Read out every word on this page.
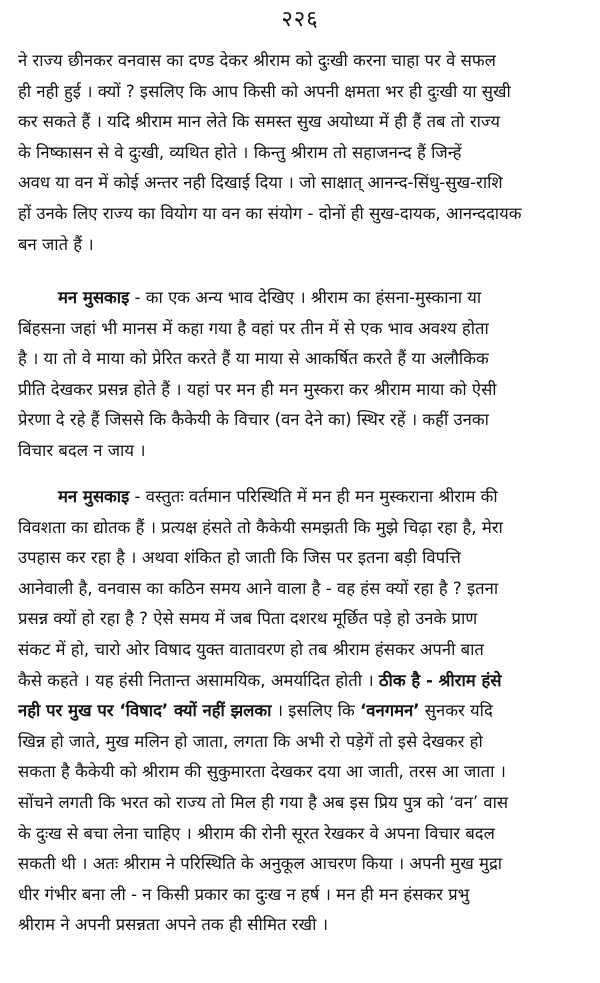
२२६
ने राज्य छीनकर वनवास का दण्ड देकर श्रीराम को दुःखी करना चाहा पर वे सफल
ही नही हुई । क्यों ? इसलिए कि आप किसी को अपनी क्षमता भर ही दुःखी या सुखी
कर सकते हैं । यदि श्रीराम मान लेते कि समस्त सुख अयोध्या में ही हैं तब तो राज्य
के निष्कासन से वे दुःखी, व्यथित होते । किन्तु श्रीराम तो सहाजनन्द हैं जिन्हें
अवध या वन में कोई अन्तर नही दिखाई दिया । जो साक्षात् आनन्द-सिंधु-सुख-राशि
हों उनके लिए राज्य का वियोग या वन का संयोग - दोनों ही सुख-दायक, आनन्ददायक
बन जाते हैं ।
मन मुसकाइ - का एक अन्य भाव देखिए । श्रीराम का हंसना-मुस्काना या
बिंहसना जहां भी मानस में कहा गया है वहां पर तीन में से एक भाव अवश्य होता
है । या तो वे माया को प्रेरित करते हैं या माया से आकर्षित करते हैं या अलौकिक
प्रीति देखकर प्रसन्न होते हैं । यहां पर मन ही मन मुस्करा कर श्रीराम माया को ऐसी
प्रेरणा दे रहे हैं जिससे कि कैकेयी के विचार (वन देने का) स्थिर रहें । कहीं उनका
विचार बदल न जाय ।
मन मुसकाइ - वस्तुतः वर्तमान परिस्थिति में मन ही मन मुस्कराना श्रीराम की
विवशता का द्योतक हैं । प्रत्यक्ष हंसते तो कैकेयी समझती कि मुझे चिढ़ा रहा है, मेरा
उपहास कर रहा है । अथवा शंकित हो जाती कि जिस पर इतना बड़ी विपत्ति
आनेवाली है, वनवास का कठिन समय आने वाला है - वह हंस क्यों रहा है ? इतना
प्रसन्न क्यों हो रहा है ? ऐसे समय में जब पिता दशरथ मूर्छित पड़े हो उनके प्राण
संकट में हो, चारो ओर विषाद युक्त वातावरण हो तब श्रीराम हंसकर अपनी बात
कैसे कहते । यह हंसी नितान्त असामयिक, अमर्यादित होती । ठीक है - श्रीराम हंसे
नही पर मुख पर ‘विषाद’ क्यों नहीं झलका । इसलिए कि ‘वनगमन’ सुनकर यदि
खिन्न हो जाते, मुख मलिन हो जाता, लगता कि अभी रो पड़ेगें तो इसे देखकर हो
सकता है कैकेयी को श्रीराम की सुकुमारता देखकर दया आ जाती, तरस आ जाता ।
सोंचने लगती कि भरत को राज्य तो मिल ही गया है अब इस प्रिय पुत्र को ‘वन’ वास
के दुःख से बचा लेना चाहिए । श्रीराम की रोनी सूरत रेखकर वे अपना विचार बदल
सकती थी । अतः श्रीराम ने परिस्थिति के अनुकूल आचरण किया । अपनी मुख मुद्रा
धीर गंभीर बना ली - न किसी प्रकार का दुःख न हर्ष । मन ही मन हंसकर प्रभु
श्रीराम ने अपनी प्रसन्नता अपने तक ही सीमित रखी ।
